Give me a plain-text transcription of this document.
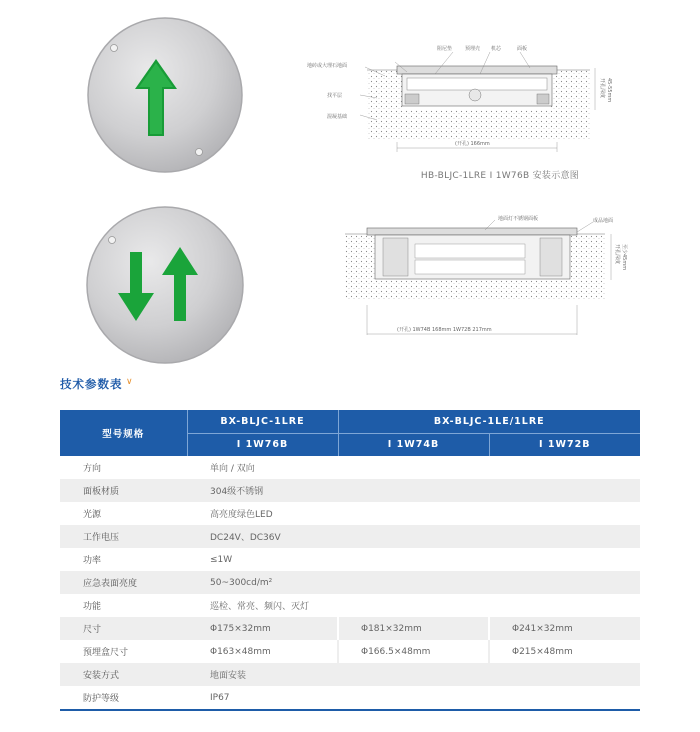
地砖或大理石地面
找平层
混凝基础
阻尼垫	预埋壳 机芯	面板
(开孔) 166mm
开孔深度 45-55mm
HB-BLJC-1LRE I 1W76B 安装示意图
地面灯不锈钢面板	成品地面
开孔深度 至少45mm
(开孔) 1W74B 168mm 1W72B 217mm
技术参数表 ∨
型号规格	BX-BLJC-1LRE	BX-BLJC-1LE/1LRE	
	I 1W76B	I 1W74B	I 1W72B
方向	单向 / 双向		
面板材质	304级不锈钢		
光源	高亮度绿色LED		
工作电压	DC24V、DC36V		
功率	≤1W		
应急表面亮度	50~300cd/m²		
功能	巡检、常亮、频闪、灭灯		
尺寸	Φ175×32mm	Φ181×32mm	Φ241×32mm
预埋盒尺寸	Φ163×48mm	Φ166.5×48mm	Φ215×48mm
安装方式	地面安装		
防护等级	IP67		
